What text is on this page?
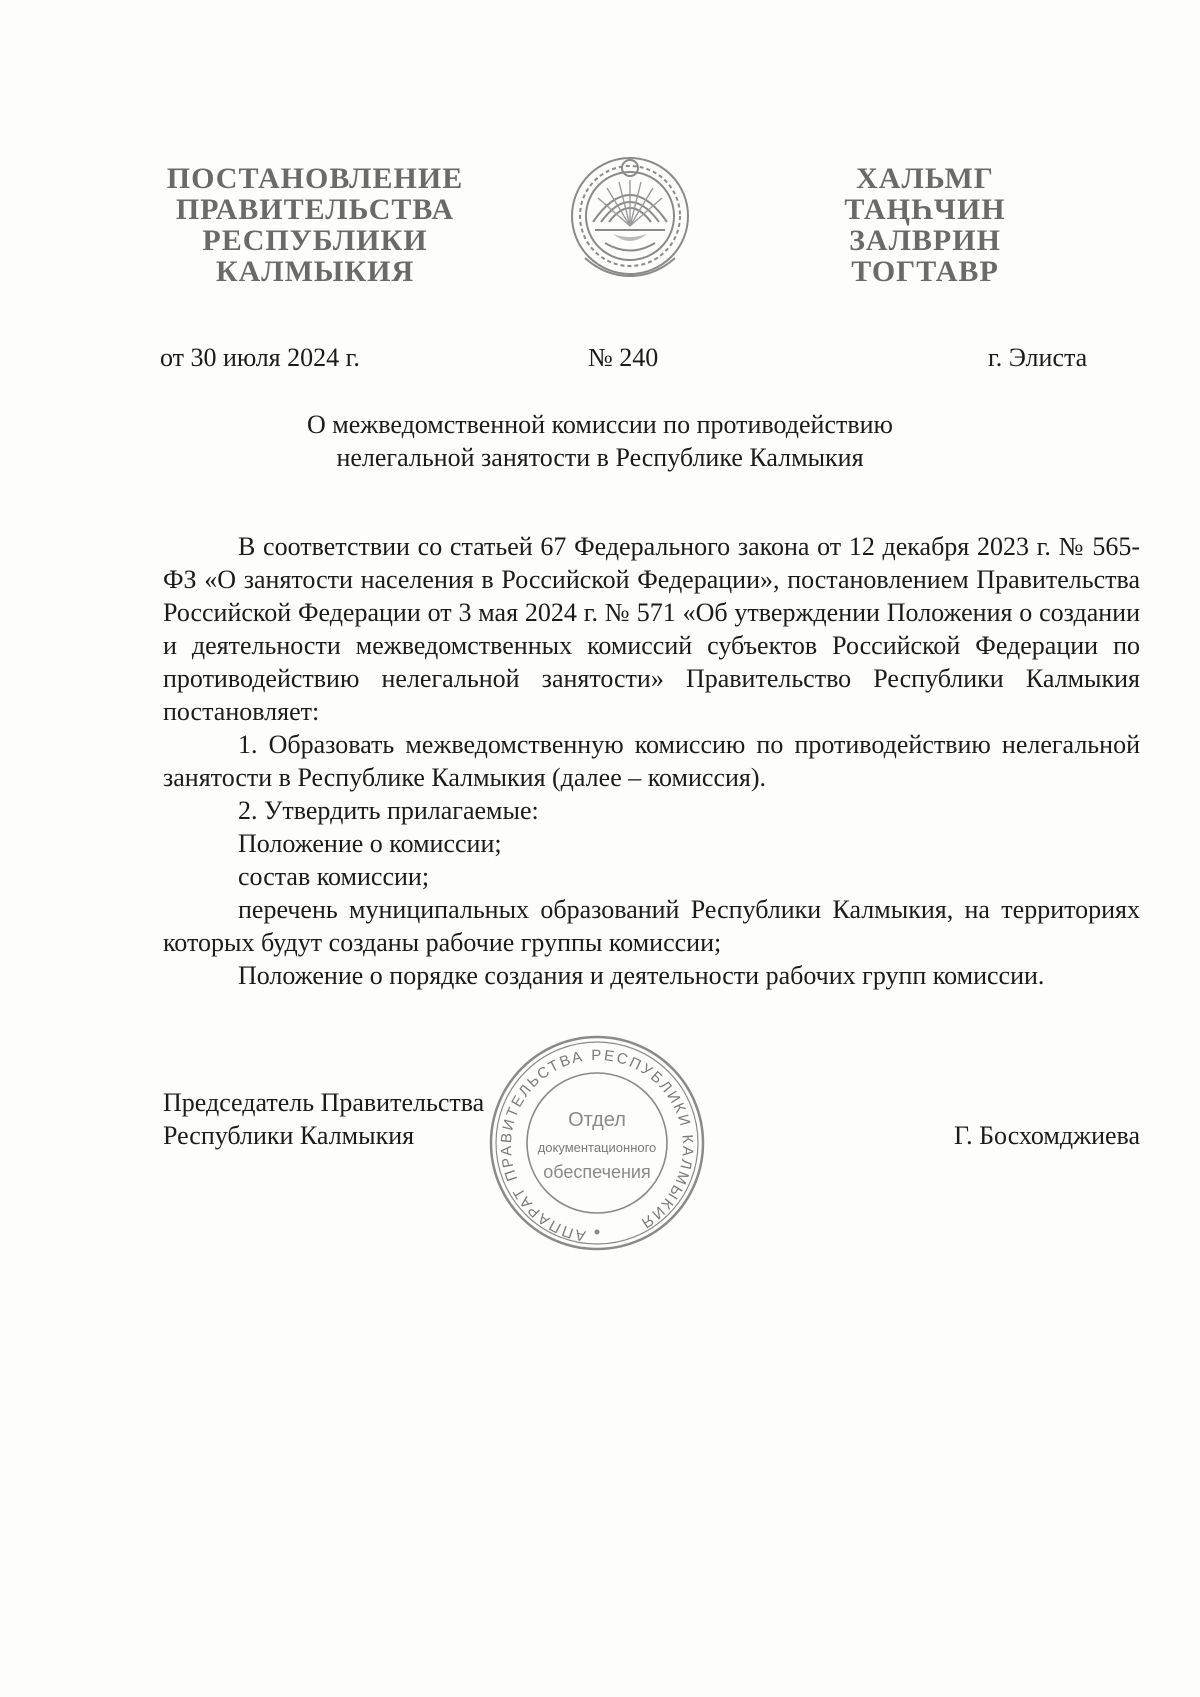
ПОСТАНОВЛЕНИЕ
ПРАВИТЕЛЬСТВА
РЕСПУБЛИКИ
КАЛМЫКИЯ
ХАЛЬМГ
ТАҢҺЧИН
ЗАЛВРИН
ТОГТАВР
от 30 июля 2024 г.	№ 240	г. Элиста
О межведомственной комиссии по противодействию
нелегальной занятости в Республике Калмыкия

В соответствии со статьей 67 Федерального закона от 12 декабря 2023 г. № 565-ФЗ «О занятости населения в Российской Федерации», постановлением Правительства Российской Федерации от 3 мая 2024 г. № 571 «Об утверждении Положения о создании и деятельности межведомственных комиссий субъектов Российской Федерации по противодействию нелегальной занятости» Правительство Республики Калмыкия постановляет:

1. Образовать межведомственную комиссию по противодействию нелегальной занятости в Республике Калмыкия (далее – комиссия).

2. Утвердить прилагаемые:

Положение о комиссии;

состав комиссии;

перечень муниципальных образований Республики Калмыкия, на территориях которых будут созданы рабочие группы комиссии;

Положение о порядке создания и деятельности рабочих групп комиссии.

Председатель Правительства
Республики Калмыкия	Г. Босхомджиева
АППАРАТ ПРАВИТЕЛЬСТВА РЕСПУБЛИКИ КАЛМЫКИЯ
Отдел
документационного
обеспечения
